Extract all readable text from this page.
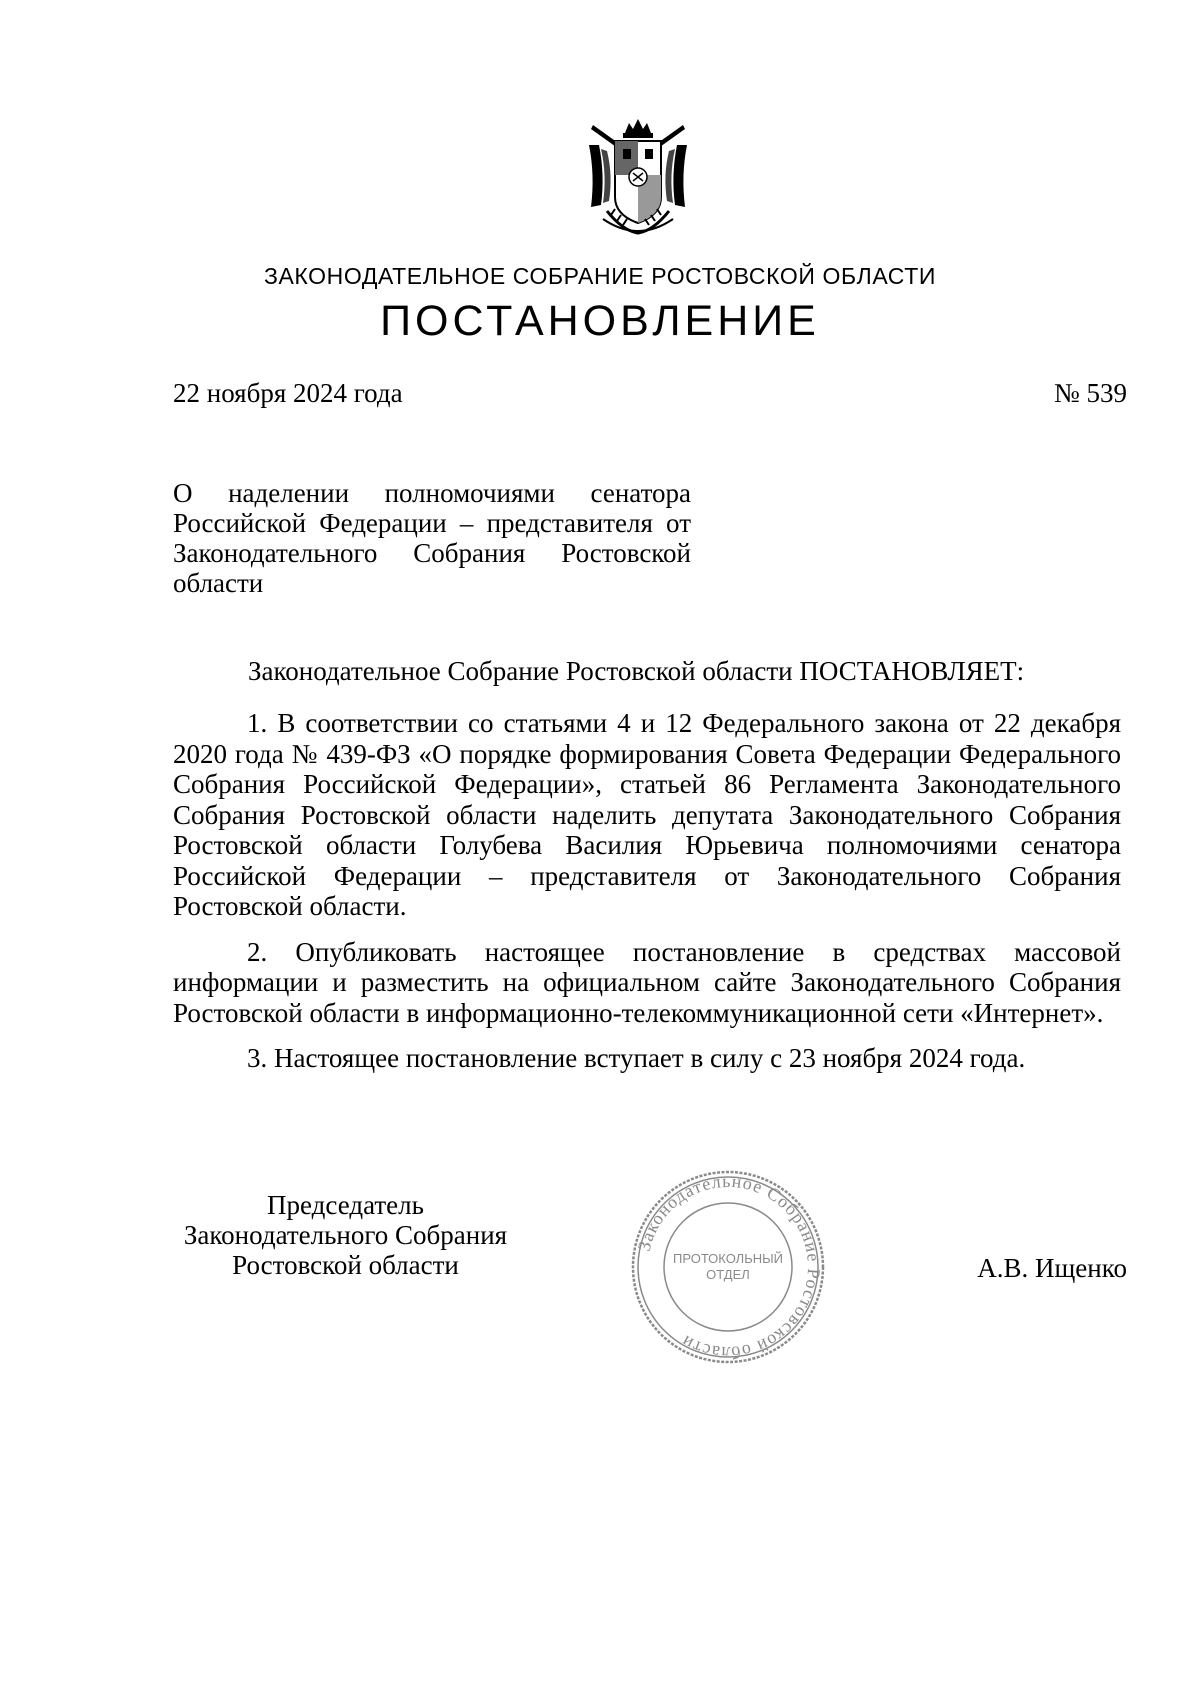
ЗАКОНОДАТЕЛЬНОЕ СОБРАНИЕ РОСТОВСКОЙ ОБЛАСТИ
ПОСТАНОВЛЕНИЕ
22 ноября 2024 года	№ 539
О наделении полномочиями сенатора Российской Федерации – представителя от Законодательного Собрания Ростовской области
Законодательное Собрание Ростовской области ПОСТАНОВЛЯЕТ:

1. В соответствии со статьями 4 и 12 Федерального закона от 22 декабря 2020 года № 439-ФЗ «О порядке формирования Совета Федерации Федерального Собрания Российской Федерации», статьей 86 Регламента Законодательного Собрания Ростовской области наделить депутата Законодательного Собрания Ростовской области Голубева Василия Юрьевича полномочиями сенатора Российской Федерации – представителя от Законодательного Собрания Ростовской области.

2. Опубликовать настоящее постановление в средствах массовой информации и разместить на официальном сайте Законодательного Собрания Ростовской области в информационно-телекоммуникационной сети «Интернет».

3. Настоящее постановление вступает в силу с 23 ноября 2024 года.

Председатель
Законодательного Собрания
Ростовской области
Законодательное Собрание Ростовской области
ПРОТОКОЛЬНЫЙ
ОТДЕЛ	А.В. Ищенко
